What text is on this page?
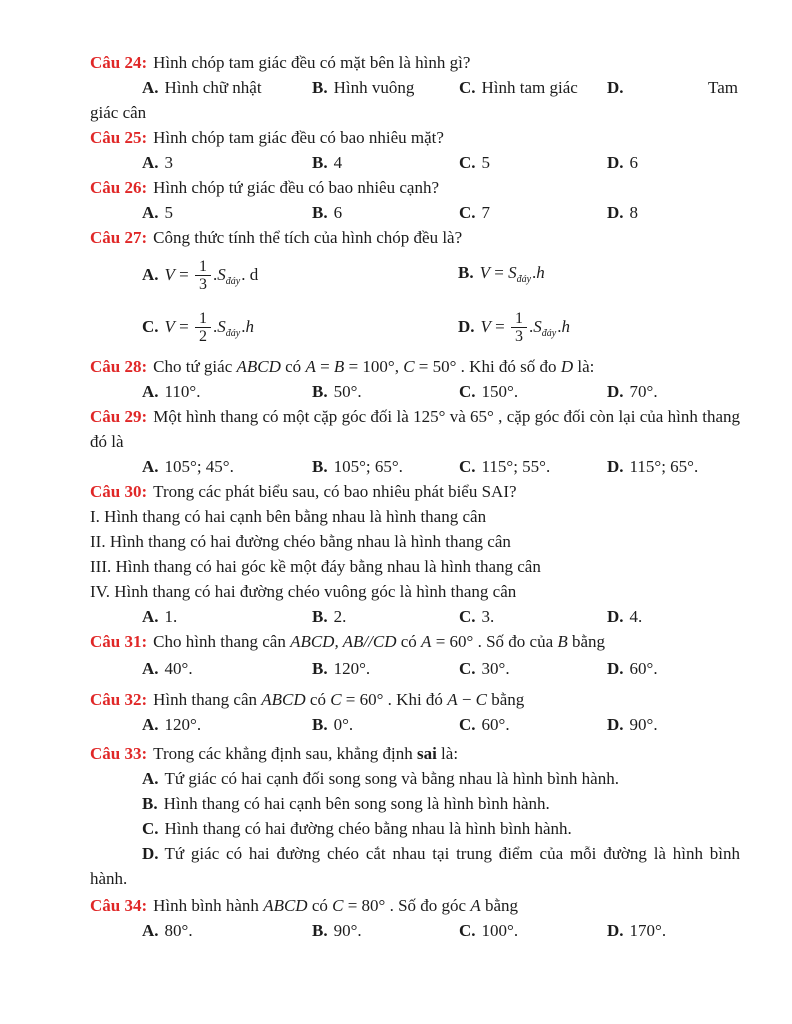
Câu 24: Hình chóp tam giác đều có mặt bên là hình gì?

A. Hình chữ nhật	B. Hình vuông	C. Hình tam giác	D.	Tam

giác cân

Câu 25: Hình chóp tam giác đều có bao nhiêu mặt?

A. 3	B. 4	C. 5	D. 6

Câu 26: Hình chóp tứ giác đều có bao nhiêu cạnh?

A. 5	B. 6	C. 7	D. 8

Câu 27: Công thức tính thể tích của hình chóp đều là?

A. $V = \frac{1}{3} .S_{đáy}$. d	B. $V = S_{đáy}.h$
C. $V = \frac{1}{2} .S_{đáy}.h$	D. $V = \frac{1}{3} .S_{đáy}.h$

Câu 28: Cho tứ giác ABCD có A = B = 100°, C = 50° . Khi đó số đo D là:

A. 110°.	B. 50°.	C. 150°.	D. 70°.

Câu 29: Một hình thang có một cặp góc đối là 125° và 65° , cặp góc đối còn lại của hình thang đó là

A. 105°; 45°.	B. 105°; 65°.	C. 115°; 55°.	D. 115°; 65°.

Câu 30: Trong các phát biểu sau, có bao nhiêu phát biểu SAI?

I. Hình thang có hai cạnh bên bằng nhau là hình thang cân

II. Hình thang có hai đường chéo bằng nhau là hình thang cân

III. Hình thang có hai góc kề một đáy bằng nhau là hình thang cân

IV. Hình thang có hai đường chéo vuông góc là hình thang cân

A. 1.	B. 2.	C. 3.	D. 4.

Câu 31: Cho hình thang cân ABCD, AB//CD có A = 60° . Số đo của B bằng

A. 40°.	B. 120°.	C. 30°.	D. 60°.

Câu 32: Hình thang cân ABCD có C = 60° . Khi đó A − C bằng

A. 120°.	B. 0°.	C. 60°.	D. 90°.

Câu 33: Trong các khẳng định sau, khẳng định sai là:

A. Tứ giác có hai cạnh đối song song và bằng nhau là hình bình hành.

B. Hình thang có hai cạnh bên song song là hình bình hành.

C. Hình thang có hai đường chéo bằng nhau là hình bình hành.

D. Tứ giác có hai đường chéo cắt nhau tại trung điểm của mỗi đường là hình bình hành.

Câu 34: Hình bình hành ABCD có C = 80° . Số đo góc A bằng

A. 80°.	B. 90°.	C. 100°.	D. 170°.
